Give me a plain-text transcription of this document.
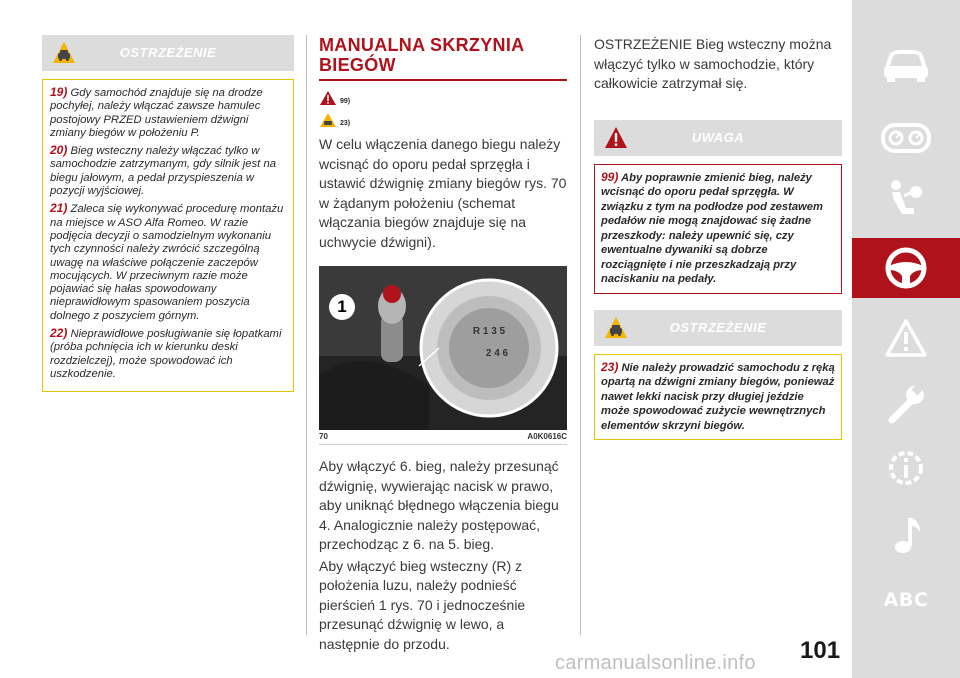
OSTRZEŻENIE

19) Gdy samochód znajduje się na drodze pochyłej, należy włączać zawsze hamulec postojowy PRZED ustawieniem dźwigni zmiany biegów w położeniu P.

20) Bieg wsteczny należy włączać tylko w samochodzie zatrzymanym, gdy silnik jest na biegu jałowym, a pedał przyspieszenia w pozycji wyjściowej.

21) Zaleca się wykonywać procedurę montażu na miejsce w ASO Alfa Romeo. W razie podjęcia decyzji o samodzielnym wykonaniu tych czynności należy zwrócić szczególną uwagę na właściwe połączenie zaczepów mocujących. W przeciwnym razie może pojawiać się hałas spowodowany nieprawidłowym spasowaniem poszycia dolnego z poszyciem górnym.

22) Nieprawidłowe posługiwanie się łopatkami (próba pchnięcia ich w kierunku deski rozdzielczej), może spowodować ich uszkodzenie.

MANUALNA SKRZYNIA BIEGÓW
99)
23)

W celu włączenia danego biegu należy wcisnąć do oporu pedał sprzęgła i ustawić dźwignię zmiany biegów rys. 70 w żądanym położeniu (schemat włączania biegów znajduje się na uchwycie dźwigni).

1
R 1 3 5
2 4 6
70	A0K0616C

Aby włączyć 6. bieg, należy przesunąć dźwignię, wywierając nacisk w prawo, aby uniknąć błędnego włączenia biegu 4. Analogicznie należy postępować, przechodząc z 6. na 5. bieg.

Aby włączyć bieg wsteczny (R) z położenia luzu, należy podnieść pierścień 1 rys. 70 i jednocześnie przesunąć dźwignię w lewo, a następnie do przodu.

OSTRZEŻENIE Bieg wsteczny można włączyć tylko w samochodzie, który całkowicie zatrzymał się.

UWAGA

99) Aby poprawnie zmienić bieg, należy wcisnąć do oporu pedał sprzęgła. W związku z tym na podłodze pod zestawem pedałów nie mogą znajdować się żadne przeszkody: należy upewnić się, czy ewentualne dywaniki są dobrze rozciągnięte i nie przeszkadzają przy naciskaniu na pedały.

OSTRZEŻENIE

23) Nie należy prowadzić samochodu z ręką opartą na dźwigni zmiany biegów, ponieważ nawet lekki nacisk przy długiej jeździe może spowodować zużycie wewnętrznych elementów skrzyni biegów.

ABC
101
carmanualsonline.info
